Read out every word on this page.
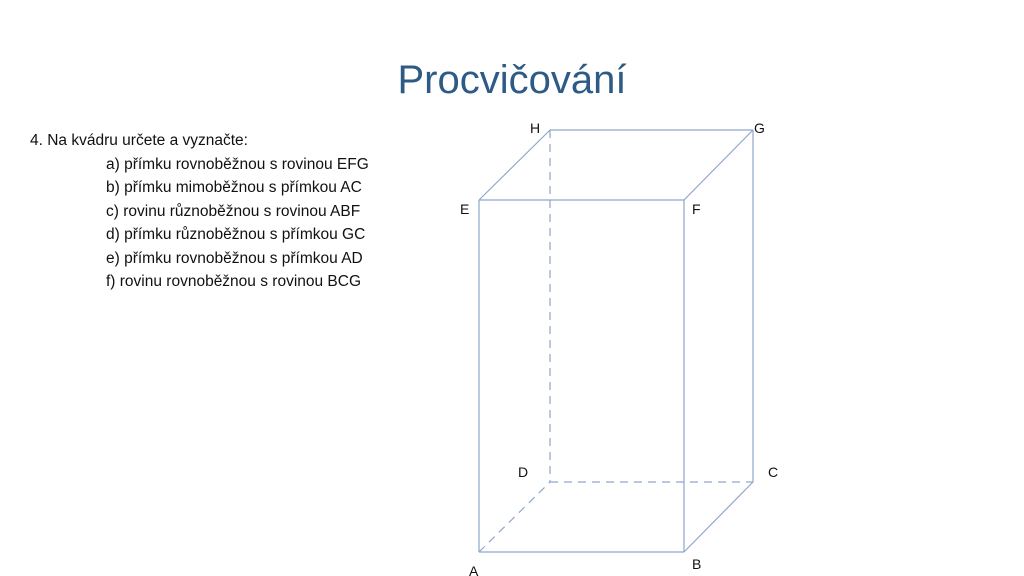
Procvičování

4. Na kvádru určete a vyznačte:

a) přímku rovnoběžnou s rovinou EFG
b) přímku mimoběžnou s přímkou AC
c) rovinu různoběžnou s rovinou ABF
d) přímku různoběžnou s přímkou GC
e) přímku rovnoběžnou s přímkou AD
f) rovinu rovnoběžnou s rovinou BCG
A	B
C
D
E	F
G
H
